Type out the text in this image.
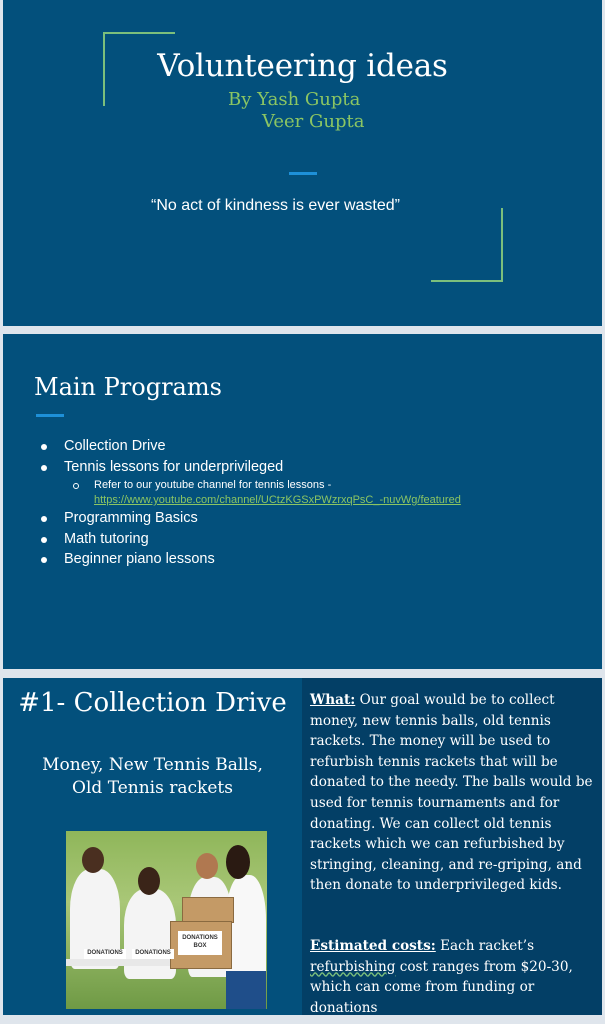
Volunteering ideas
By Yash Gupta
Veer Gupta
“No act of kindness is ever wasted”
Main Programs
Collection Drive
Tennis lessons for underprivileged
Refer to our youtube channel for tennis lessons -
https://www.youtube.com/channel/UCtzKGSxPWzrxqPsC_-nuvWg/featured
Programming Basics
Math tutoring
Beginner piano lessons
#1- Collection Drive
Money, New Tennis Balls,
Old Tennis rackets
DONATIONS BOX
DONATIONS	DONATIONS
What: Our goal would be to collect money, new tennis balls, old tennis rackets. The money will be used to refurbish tennis rackets that will be donated to the needy. The balls would be used for tennis tournaments and for donating. We can collect old tennis rackets which we can refurbished by stringing, cleaning, and re-griping, and then donate to underprivileged kids.
Estimated costs: Each racket’s refurbishing cost ranges from $20-30, which can come from funding or donations
